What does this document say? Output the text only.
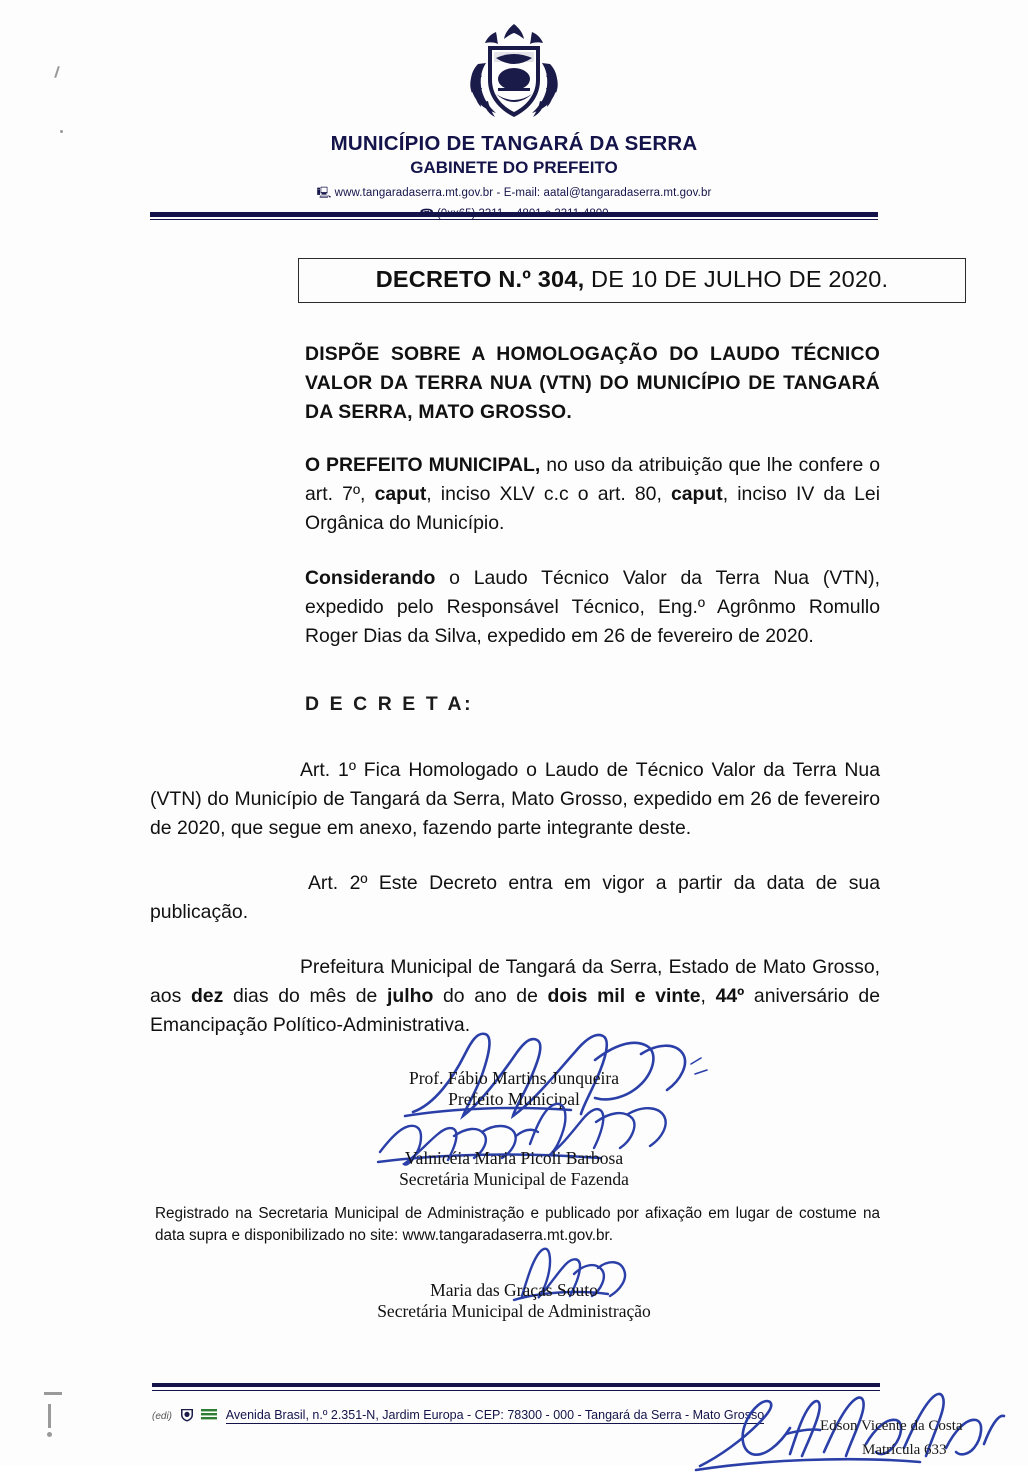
MUNICÍPIO DE TANGARÁ DA SERRA
GABINETE DO PREFEITO
🖳 www.tangaradaserra.mt.gov.br - E-mail: aatal@tangaradaserra.mt.gov.br
DECRETO N.º 304, DE 10 DE JULHO DE 2020.

DISPÕE SOBRE A HOMOLOGAÇÃO DO LAUDO TÉCNICO VALOR DA TERRA NUA (VTN) DO MUNICÍPIO DE TANGARÁ DA SERRA, MATO GROSSO.

O PREFEITO MUNICIPAL, no uso da atribuição que lhe confere o art. 7º, caput, inciso XLV c.c o art. 80, caput, inciso IV da Lei Orgânica do Município.

Considerando o Laudo Técnico Valor da Terra Nua (VTN), expedido pelo Responsável Técnico, Eng.º Agrônmo Romullo Roger Dias da Silva, expedido em 26 de fevereiro de 2020.

D E C R E T A:

Art. 1º Fica Homologado o Laudo de Técnico Valor da Terra Nua (VTN) do Município de Tangará da Serra, Mato Grosso, expedido em 26 de fevereiro de 2020, que segue em anexo, fazendo parte integrante deste.

Art. 2º Este Decreto entra em vigor a partir da data de sua publicação.

Prefeitura Municipal de Tangará da Serra, Estado de Mato Grosso, aos dez dias do mês de julho do ano de dois mil e vinte, 44º aniversário de Emancipação Político-Administrativa.

Prof. Fábio Martins Junqueira
Prefeito Municipal
Valnicéia Maria Picoli Barbosa
Secretária Municipal de Fazenda
Registrado na Secretaria Municipal de Administração e publicado por afixação em lugar de costume na data supra e disponibilizado no site: www.tangaradaserra.mt.gov.br.
Maria das Graças Souto
Secretária Municipal de Administração
(edi)	Avenida Brasil, n.º 2.351-N, Jardim Europa - CEP: 78300 - 000 - Tangará da Serra - Mato Grosso
Edson Vicente da Costa
Matrícula 633
